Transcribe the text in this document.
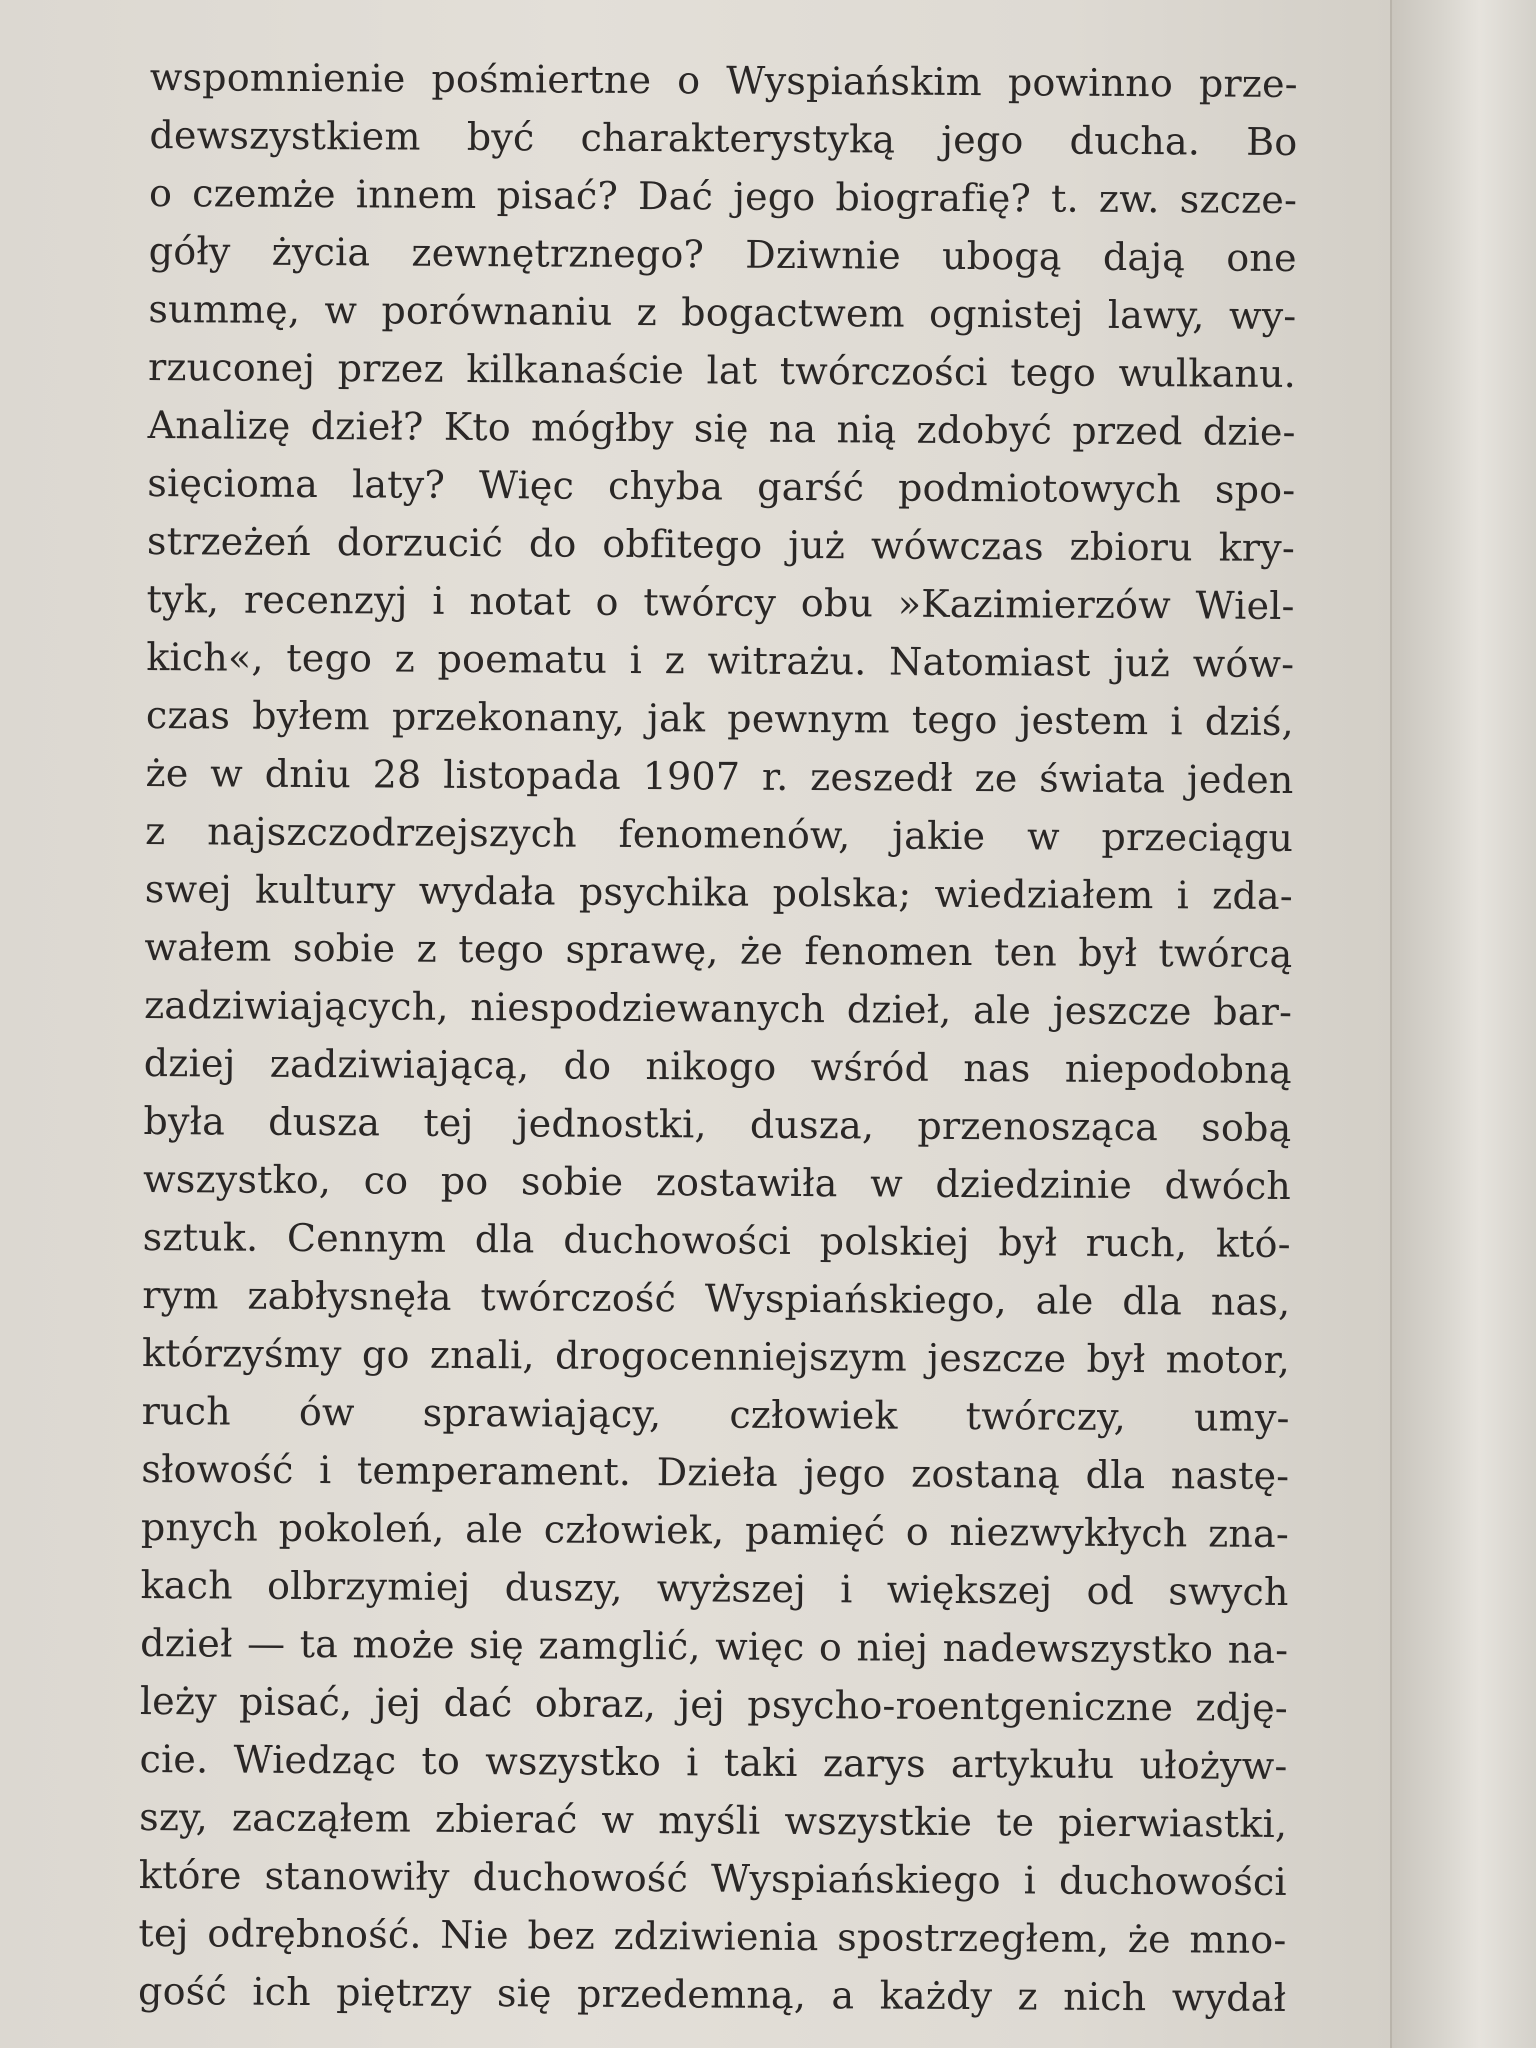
wspomnienie pośmiertne o Wyspiańskim powinno prze-
dewszystkiem być charakterystyką jego ducha. Bo
o czemże innem pisać? Dać jego biografię? t. zw. szcze-
góły życia zewnętrznego? Dziwnie ubogą dają one
summę, w porównaniu z bogactwem ognistej lawy, wy-
rzuconej przez kilkanaście lat twórczości tego wulkanu.
Analizę dzieł? Kto mógłby się na nią zdobyć przed dzie-
sięcioma laty? Więc chyba garść podmiotowych spo-
strzeżeń dorzucić do obfitego już wówczas zbioru kry-
tyk, recenzyj i notat o twórcy obu »Kazimierzów Wiel-
kich«, tego z poematu i z witrażu. Natomiast już wów-
czas byłem przekonany, jak pewnym tego jestem i dziś,
że w dniu 28 listopada 1907 r. zeszedł ze świata jeden
z najszczodrzejszych fenomenów, jakie w przeciągu
swej kultury wydała psychika polska; wiedziałem i zda-
wałem sobie z tego sprawę, że fenomen ten był twórcą
zadziwiających, niespodziewanych dzieł, ale jeszcze bar-
dziej zadziwiającą, do nikogo wśród nas niepodobną
była dusza tej jednostki, dusza, przenosząca sobą
wszystko, co po sobie zostawiła w dziedzinie dwóch
sztuk. Cennym dla duchowości polskiej był ruch, któ-
rym zabłysnęła twórczość Wyspiańskiego, ale dla nas,
którzyśmy go znali, drogocenniejszym jeszcze był motor,
ruch ów sprawiający, człowiek twórczy, umy-
słowość i temperament. Dzieła jego zostaną dla nastę-
pnych pokoleń, ale człowiek, pamięć o niezwykłych zna-
kach olbrzymiej duszy, wyższej i większej od swych
dzieł — ta może się zamglić, więc o niej nadewszystko na-
leży pisać, jej dać obraz, jej psycho-roentgeniczne zdję-
cie. Wiedząc to wszystko i taki zarys artykułu ułożyw-
szy, zacząłem zbierać w myśli wszystkie te pierwiastki,
które stanowiły duchowość Wyspiańskiego i duchowości
tej odrębność. Nie bez zdziwienia spostrzegłem, że mno-
gość ich piętrzy się przedemną, a każdy z nich wydał
